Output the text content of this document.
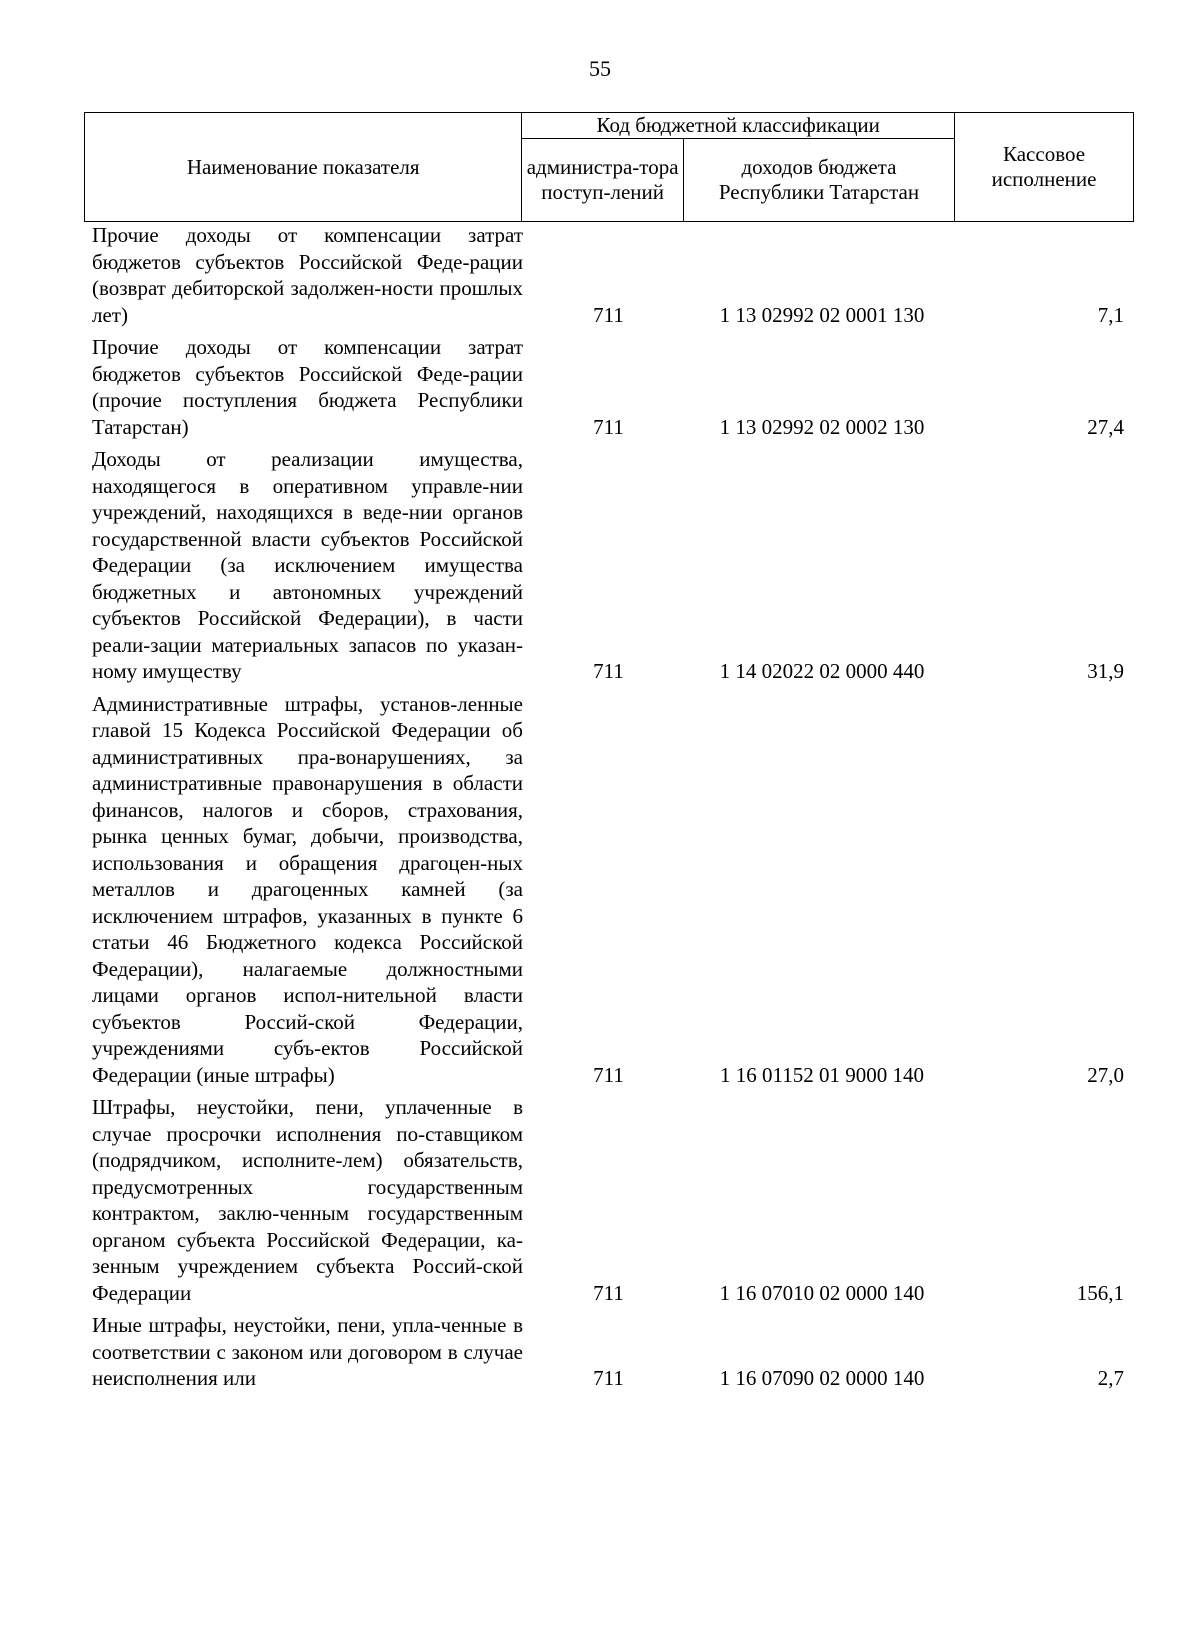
55
Наименование показателя	Код бюджетной классификации		Кассовое исполнение
	администра-тора поступ-лений	доходов бюджета Республики Татарстан	
Прочие доходы от компенсации затрат бюджетов субъектов Российской Феде-рации (возврат дебиторской задолжен-ности прошлых лет)	711	1 13 02992 02 0001 130	7,1
Прочие доходы от компенсации затрат бюджетов субъектов Российской Феде-рации (прочие поступления бюджета Республики Татарстан)	711	1 13 02992 02 0002 130	27,4
Доходы от реализации имущества, находящегося в оперативном управле-нии учреждений, находящихся в веде-нии органов государственной власти субъектов Российской Федерации (за исключением имущества бюджетных и автономных учреждений субъектов Российской Федерации), в части реали-зации материальных запасов по указан-ному имуществу	711	1 14 02022 02 0000 440	31,9
Административные штрафы, установ-ленные главой 15 Кодекса Российской Федерации об административных пра-вонарушениях, за административные правонарушения в области финансов, налогов и сборов, страхования, рынка ценных бумаг, добычи, производства, использования и обращения драгоцен-ных металлов и драгоценных камней (за исключением штрафов, указанных в пункте 6 статьи 46 Бюджетного кодекса Российской Федерации), налагаемые должностными лицами органов испол-нительной власти субъектов Россий-ской Федерации, учреждениями субъ-ектов Российской Федерации (иные штрафы)	711	1 16 01152 01 9000 140	27,0
Штрафы, неустойки, пени, уплаченные в случае просрочки исполнения по-ставщиком (подрядчиком, исполните-лем) обязательств, предусмотренных государственным контрактом, заклю-ченным государственным органом субъекта Российской Федерации, ка-зенным учреждением субъекта Россий-ской Федерации	711	1 16 07010 02 0000 140	156,1
Иные штрафы, неустойки, пени, упла-ченные в соответствии с законом или договором в случае неисполнения или	711	1 16 07090 02 0000 140	2,7
